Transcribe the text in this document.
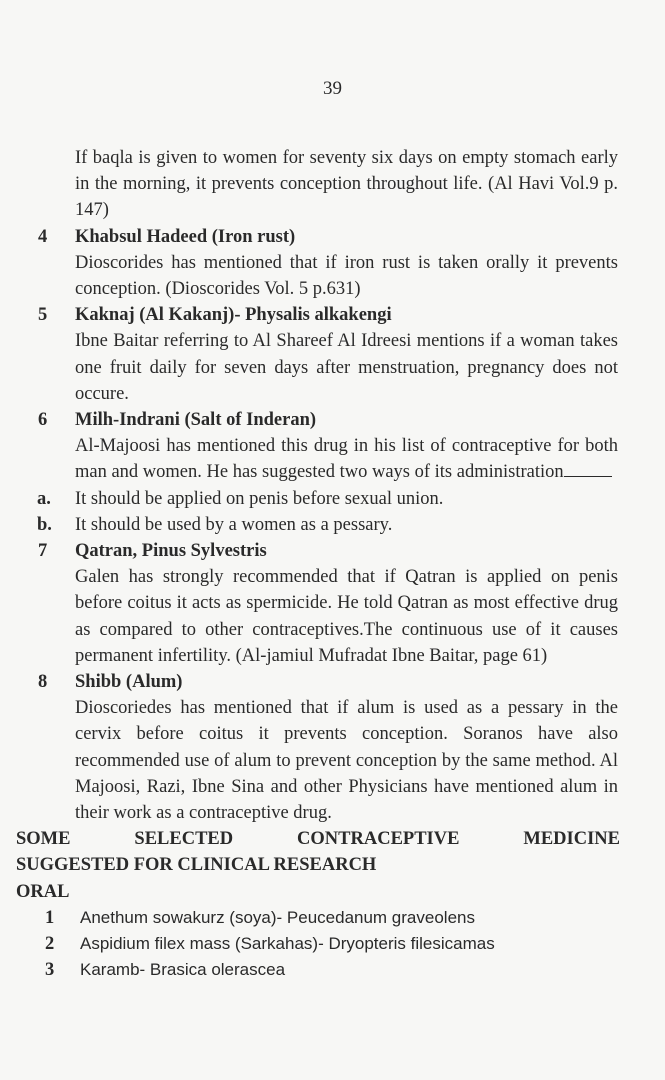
39
If baqla is given to women for seventy six days on empty stomach early in the morning, it prevents conception throughout life. (Al Havi Vol.9 p. 147)
4 Khabsul Hadeed (Iron rust)
Dioscorides has mentioned that if iron rust is taken orally it prevents conception. (Dioscorides Vol. 5 p.631)
5 Kaknaj (Al Kakanj)- Physalis alkakengi
Ibne Baitar referring to Al Shareef Al Idreesi mentions if a woman takes one fruit daily for seven days after menstruation, pregnancy does not occure.
6 Milh-Indrani (Salt of Inderan)
Al-Majoosi has mentioned this drug in his list of contraceptive for both man and women. He has suggested two ways of its administration
a. It should be applied on penis before sexual union.
b. It should be used by a women as a pessary.
7 Qatran, Pinus Sylvestris
Galen has strongly recommended that if Qatran is applied on penis before coitus it acts as spermicide. He told Qatran as most effective drug as compared to other contraceptives.The continuous use of it causes permanent infertility. (Al-jamiul Mufradat Ibne Baitar, page 61)
8 Shibb (Alum)
Dioscoriedes has mentioned that if alum is used as a pessary in the cervix before coitus it prevents conception. Soranos have also recommended use of alum to prevent conception by the same method. Al Majoosi, Razi, Ibne Sina and other Physicians have mentioned alum in their work as a contraceptive drug.
SOME SELECTED CONTRACEPTIVE MEDICINE
SUGGESTED FOR CLINICAL RESEARCH
ORAL
1 Anethum sowakurz (soya)- Peucedanum graveolens
2 Aspidium filex mass (Sarkahas)- Dryopteris filesicamas
3 Karamb- Brasica olerascea
